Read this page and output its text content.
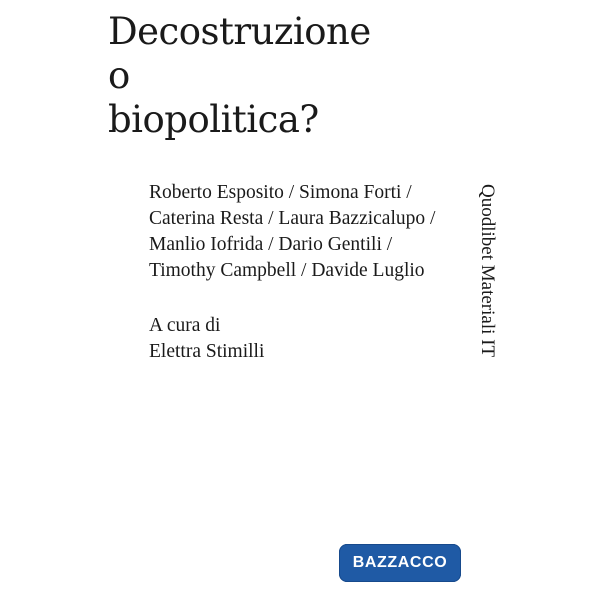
Decostruzione
o
biopolitica?
Roberto Esposito / Simona Forti /
Caterina Resta / Laura Bazzicalupo /
Manlio Iofrida / Dario Gentili /
Timothy Campbell / Davide Luglio
A cura di
Elettra Stimilli	Quodlibet Materiali IT
BAZZACCO
